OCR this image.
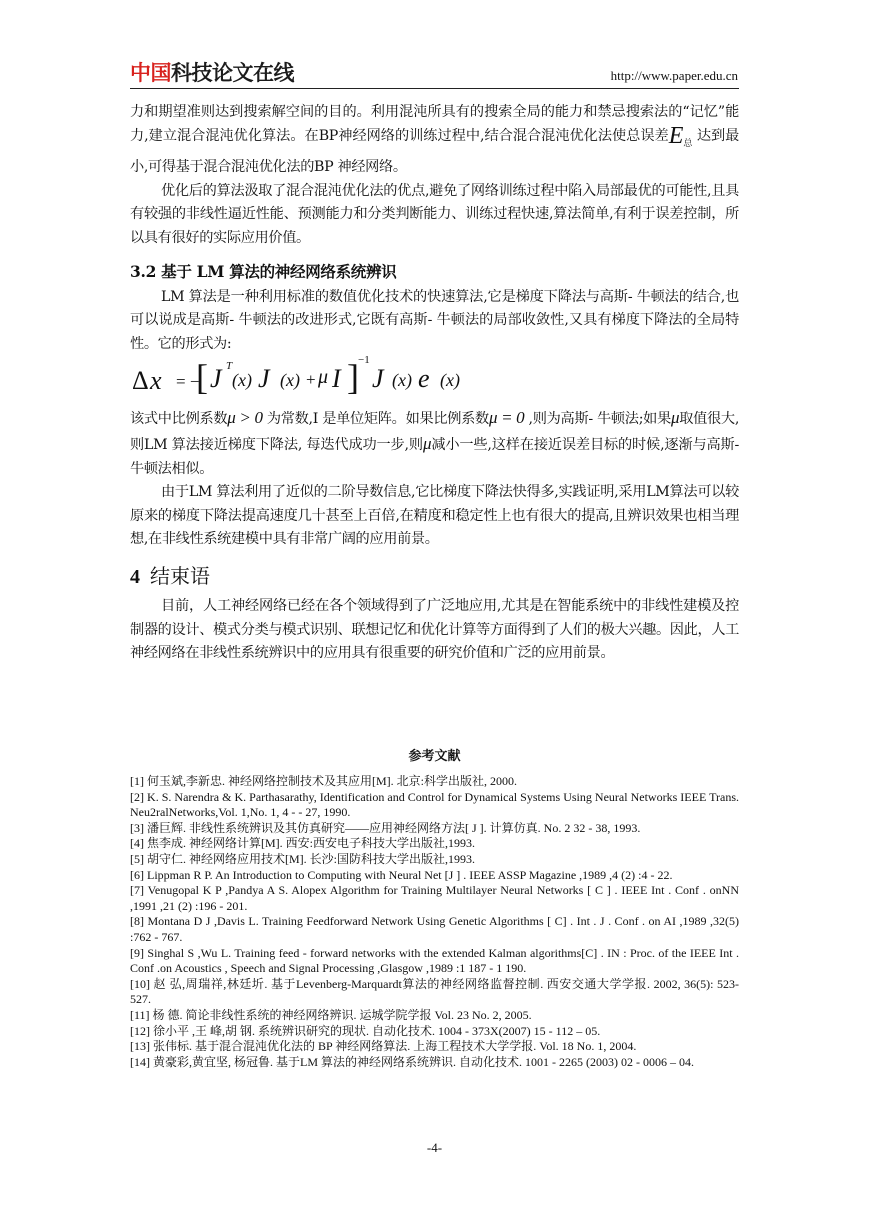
中国科技论文在线	http://www.paper.edu.cn

力和期望准则达到搜索解空间的目的。利用混沌所具有的搜索全局的能力和禁忌搜索法的“记忆”能力,建立混合混沌优化算法。在BP神经网络的训练过程中,结合混合混沌优化法使总误差$E_总$ 达到最小,可得基于混合混沌优化法的BP 神经网络。

优化后的算法汲取了混合混沌优化法的优点,避免了网络训练过程中陷入局部最优的可能性,且具有较强的非线性逼近性能、预测能力和分类判断能力、训练过程快速,算法简单,有利于误差控制，所以具有很好的实际应用价值。

3.2 基于 LM 算法的神经网络系统辨识

LM 算法是一种利用标准的数值优化技术的快速算法,它是梯度下降法与高斯- 牛顿法的结合,也可以说成是高斯- 牛顿法的改进形式,它既有高斯- 牛顿法的局部收敛性,又具有梯度下降法的全局特性。它的形式为:

Δ x = −
[ J T
(x) J (x) + μ I ] −1
J (x) e (x)

该式中比例系数μ > 0 为常数,I 是单位矩阵。如果比例系数μ = 0 ,则为高斯- 牛顿法;如果μ取值很大,则LM 算法接近梯度下降法, 每迭代成功一步,则μ减小一些,这样在接近误差目标的时候,逐渐与高斯-牛顿法相似。

由于LM 算法利用了近似的二阶导数信息,它比梯度下降法快得多,实践证明,采用LM算法可以较原来的梯度下降法提高速度几十甚至上百倍,在精度和稳定性上也有很大的提高,且辨识效果也相当理想,在非线性系统建模中具有非常广阔的应用前景。

4 结束语

目前，人工神经网络已经在各个领域得到了广泛地应用,尤其是在智能系统中的非线性建模及控制器的设计、模式分类与模式识别、联想记忆和优化计算等方面得到了人们的极大兴趣。因此，人工神经网络在非线性系统辨识中的应用具有很重要的研究价值和广泛的应用前景。

参考文献

[1] 何玉斌,李新忠. 神经网络控制技术及其应用[M]. 北京:科学出版社, 2000.

[2] K. S. Narendra & K. Parthasarathy, Identification and Control for Dynamical Systems Using Neural Networks IEEE Trans. Neu2ralNetworks,Vol. 1,No. 1, 4 - - 27, 1990.

[3] 潘巨辉. 非线性系统辨识及其仿真研究——应用神经网络方法[ J ]. 计算仿真. No. 2 32 - 38, 1993.

[4] 焦李成. 神经网络计算[M]. 西安:西安电子科技大学出版社,1993.

[5] 胡守仁. 神经网络应用技术[M]. 长沙:国防科技大学出版社,1993.

[6] Lippman R P. An Introduction to Computing with Neural Net [J ] . IEEE ASSP Magazine ,1989 ,4 (2) :4 - 22.

[7] Venugopal K P ,Pandya A S. Alopex Algorithm for Training Multilayer Neural Networks [ C ] . IEEE Int . Conf . onNN ,1991 ,21 (2) :196 - 201.

[8] Montana D J ,Davis L. Training Feedforward Network Using Genetic Algorithms [ C] . Int . J . Conf . on AI ,1989 ,32(5) :762 - 767.

[9] Singhal S ,Wu L. Training feed - forward networks with the extended Kalman algorithms[C] . IN : Proc. of the IEEE Int . Conf .on Acoustics , Speech and Signal Processing ,Glasgow ,1989 :1 187 - 1 190.

[10] 赵 弘,周瑞祥,林廷圻. 基于Levenberg-Marquardt算法的神经网络监督控制. 西安交通大学学报. 2002, 36(5): 523-527.

[11] 杨 德. 简论非线性系统的神经网络辨识. 运城学院学报 Vol. 23 No. 2, 2005.

[12] 徐小平 ,王 峰,胡 钢. 系统辨识研究的现状. 自动化技术. 1004 - 373X(2007) 15 - 112 – 05.

[13] 张伟标. 基于混合混沌优化法的 BP 神经网络算法. 上海工程技术大学学报. Vol. 18 No. 1, 2004.

[14] 黄豪彩,黄宜坚, 杨冠鲁. 基于LM 算法的神经网络系统辨识. 自动化技术. 1001 - 2265 (2003) 02 - 0006 – 04.

-4-
